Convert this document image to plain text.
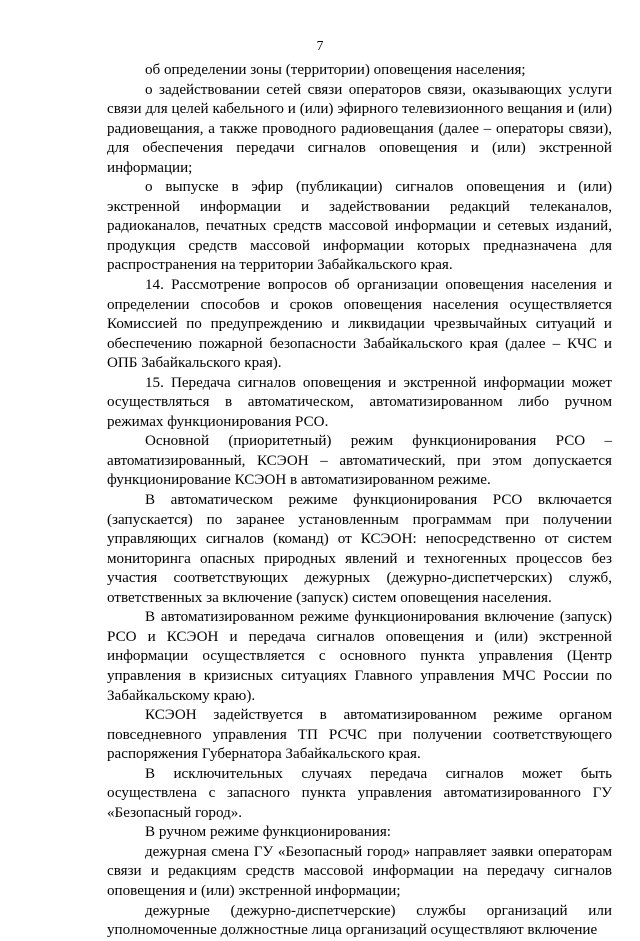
7

об определении зоны (территории) оповещения населения;

о задействовании сетей связи операторов связи, оказывающих услуги связи для целей кабельного и (или) эфирного телевизионного вещания и (или) радиовещания, а также проводного радиовещания (далее – операторы связи), для обеспечения передачи сигналов оповещения и (или) экстренной информации;

о выпуске в эфир (публикации) сигналов оповещения и (или) экстренной информации и задействовании редакций телеканалов, радиоканалов, печатных средств массовой информации и сетевых изданий, продукция средств массовой информации которых предназначена для распространения на территории Забайкальского края.

14. Рассмотрение вопросов об организации оповещения населения и определении способов и сроков оповещения населения осуществляется Комиссией по предупреждению и ликвидации чрезвычайных ситуаций и обеспечению пожарной безопасности Забайкальского края (далее – КЧС и ОПБ Забайкальского края).

15. Передача сигналов оповещения и экстренной информации может осуществляться в автоматическом, автоматизированном либо ручном режимах функционирования РСО.

Основной (приоритетный) режим функционирования РСО – автоматизированный, КСЭОН – автоматический, при этом допускается функционирование КСЭОН в автоматизированном режиме.

В автоматическом режиме функционирования РСО включается (запускается) по заранее установленным программам при получении управляющих сигналов (команд) от КСЭОН: непосредственно от систем мониторинга опасных природных явлений и техногенных процессов без участия соответствующих дежурных (дежурно-диспетчерских) служб, ответственных за включение (запуск) систем оповещения населения.

В автоматизированном режиме функционирования включение (запуск) РСО и КСЭОН и передача сигналов оповещения и (или) экстренной информации осуществляется с основного пункта управления (Центр управления в кризисных ситуациях Главного управления МЧС России по Забайкальскому краю).

КСЭОН задействуется в автоматизированном режиме органом повседневного управления ТП РСЧС при получении соответствующего распоряжения Губернатора Забайкальского края.

В исключительных случаях передача сигналов может быть осуществлена с запасного пункта управления автоматизированного ГУ «Безопасный город».

В ручном режиме функционирования:

дежурная смена ГУ «Безопасный город» направляет заявки операторам связи и редакциям средств массовой информации на передачу сигналов оповещения и (или) экстренной информации;

дежурные (дежурно-диспетчерские) службы организаций или уполномоченные должностные лица организаций осуществляют включение
